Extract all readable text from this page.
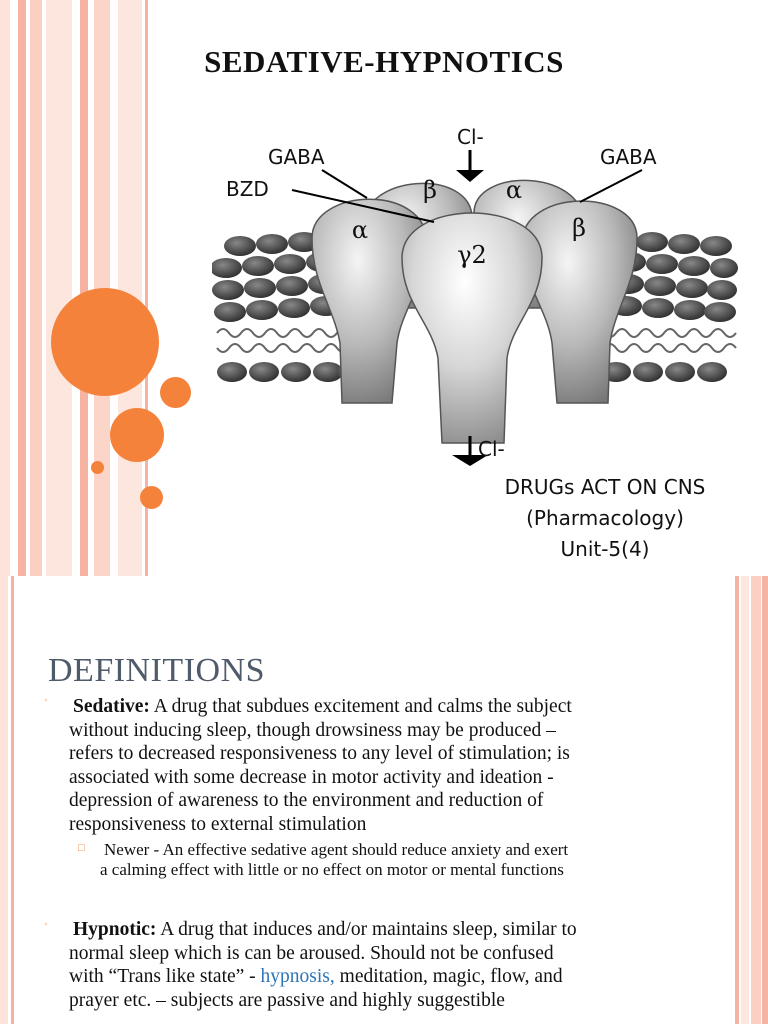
SEDATIVE-HYPNOTICS
β	α
α	β
γ2
Cl-
Cl-
GABA
BZD
GABA
DRUGs ACT ON CNS
(Pharmacology)
Unit-5(4)
DEFINITIONS
′ Sedative: A drug that subdues excitement and calms the subject
without inducing sleep, though drowsiness may be produced –
refers to decreased responsiveness to any level of stimulation; is
associated with some decrease in motor activity and ideation -
depression of awareness to the environment and reduction of
responsiveness to external stimulation
□ Newer - An effective sedative agent should reduce anxiety and exert
a calming effect with little or no effect on motor or mental functions
′ Hypnotic: A drug that induces and/or maintains sleep, similar to
normal sleep which is can be aroused. Should not be confused
with “Trans like state” - hypnosis, meditation, magic, flow, and
prayer etc. – subjects are passive and highly suggestible
